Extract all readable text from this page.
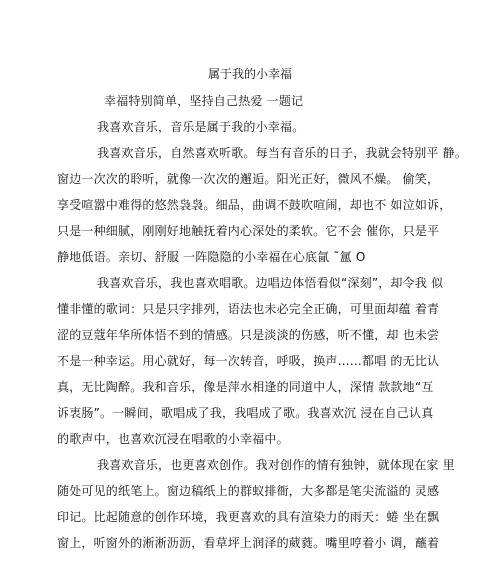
属于我的小幸福
幸福特别简单，坚持自己热爱 一题记
我喜欢音乐，音乐是属于我的小幸福。
我喜欢音乐，自然喜欢听歌。每当有音乐的日子，我就会特别平 静。
窗边一次次的聆听，就像一次次的邂逅。阳光正好，微风不燥。 偷笑，
享受喧嚣中难得的悠然袅袅。细品，曲调不鼓吹喧闹，却也不 如泣如诉，
只是一种细腻，刚刚好地触抚着内心深处的柔软。它不会 催你，只是平
静地低语。亲切、舒服 一阵隐隐的小幸福在心底氤 ˜氲 O
我喜欢音乐，我也喜欢唱歌。边唱边体悟看似“深刻”，却令我 似
懂非懂的歌词：只是只字排列，语法也未必完全正确，可里面却蕴 着青
涩的豆蔻年华所体悟不到的情感。只是淡淡的伤感，听不懂，却 也未尝
不是一种幸运。用心就好，每一次转音，呼吸，换声……都唱 的无比认
真，无比陶醉。我和音乐，像是萍水相逢的同道中人，深情 款款地“互
诉衷肠”。一瞬间，歌唱成了我，我唱成了歌。我喜欢沉 浸在自己认真
的歌声中，也喜欢沉浸在唱歌的小幸福中。
我喜欢音乐，也更喜欢创作。我对创作的情有独钟，就体现在家 里
随处可见的纸笔上。窗边稿纸上的群蚁排衙，大多都是笔尖流溢的 灵感
印记。比起随意的创作环境，我更喜欢的具有渲染力的雨天：蜷 坐在飘
窗上，听窗外的淅淅沥沥，看草坪上润泽的葳蕤。嘴里哼着小 调，蘸着
